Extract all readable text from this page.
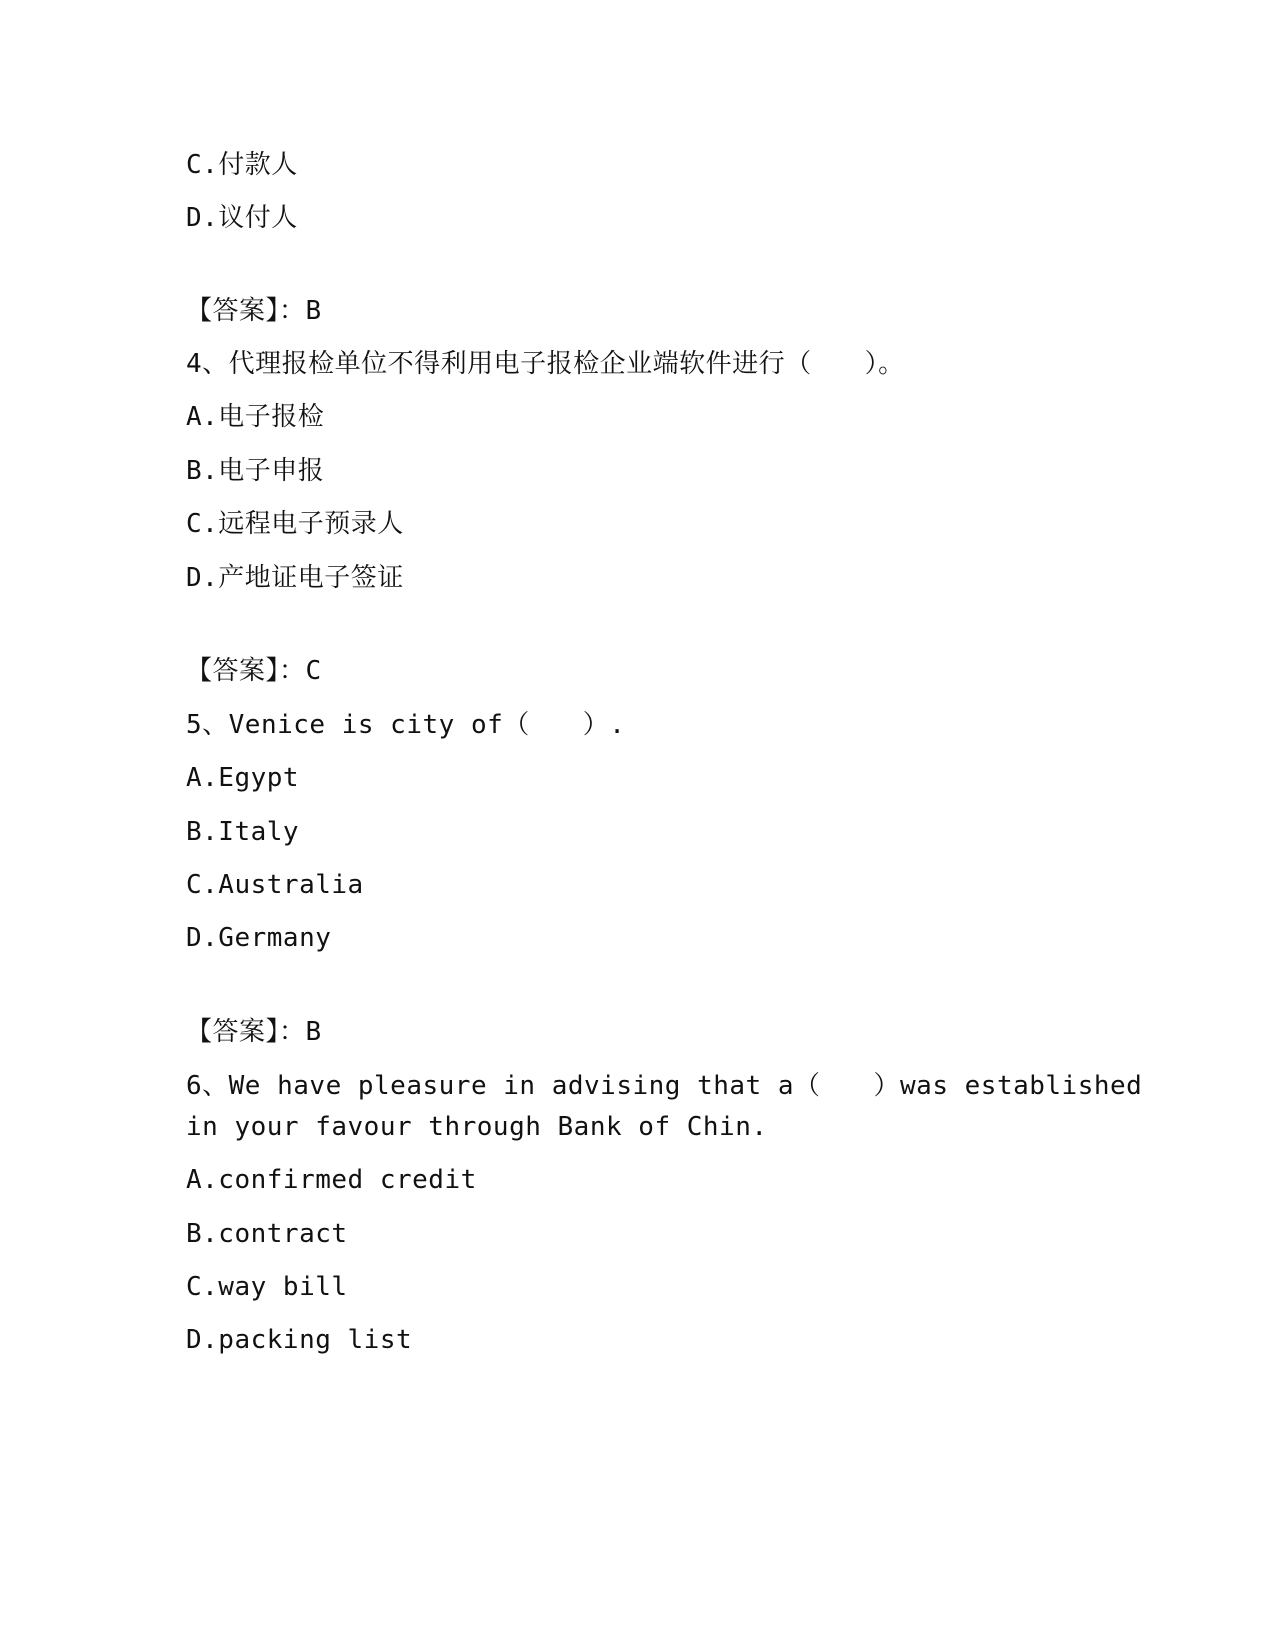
C.付款人
D.议付人
【答案】：B
4、代理报检单位不得利用电子报检企业端软件进行（　　）。
A.电子报检
B.电子申报
C.远程电子预录人
D.产地证电子签证
【答案】：C
5、Venice is city of（　　）.
A.Egypt
B.Italy
C.Australia
D.Germany
【答案】：B
6、We have pleasure in advising that a（　　）was established
in your favour through Bank of Chin.
A.confirmed credit
B.contract
C.way bill
D.packing list
